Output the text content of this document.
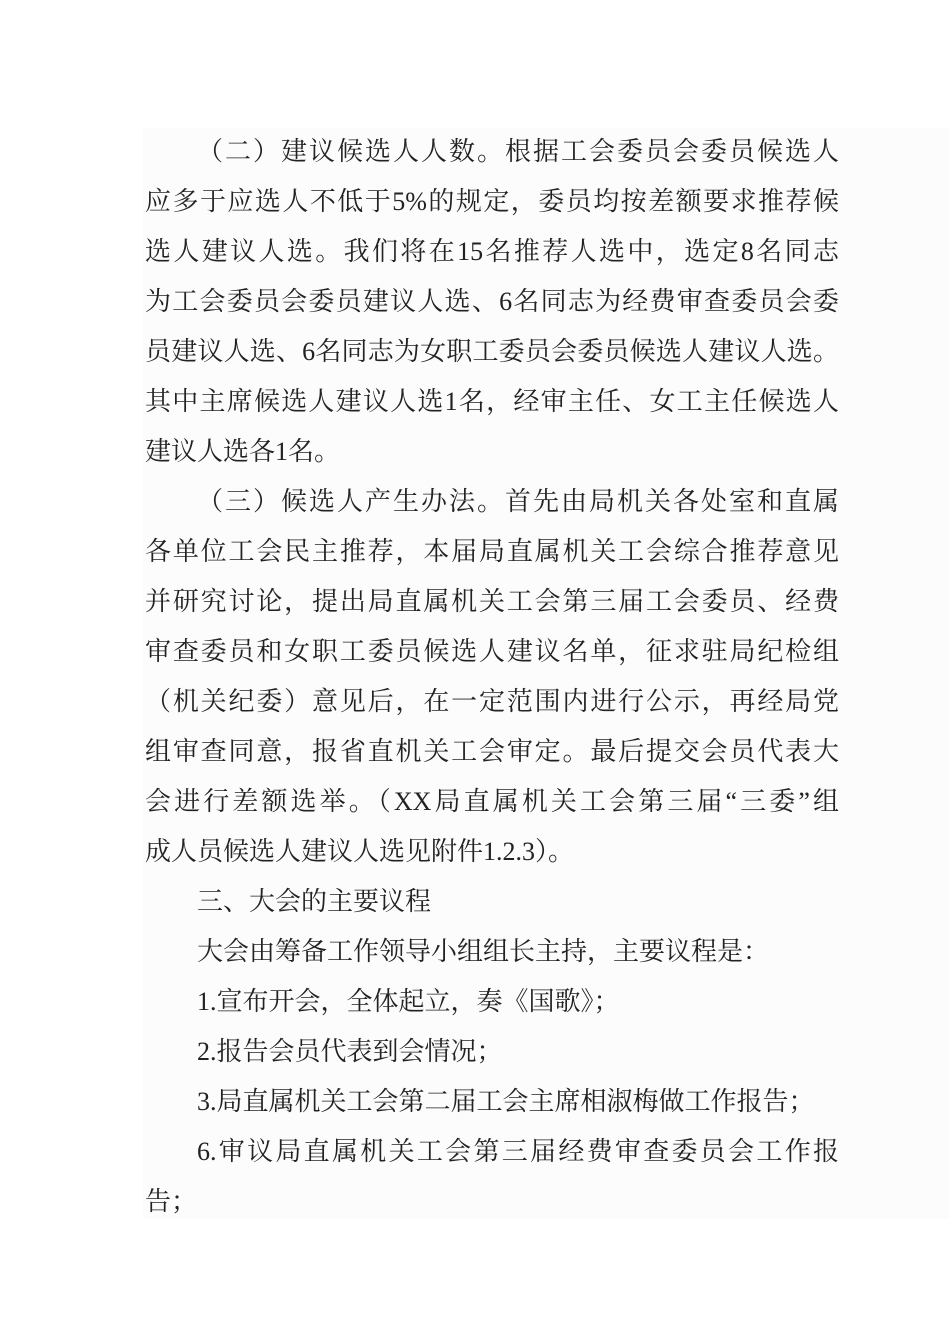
（二）建议候选人人数。根据工会委员会委员候选人
应多于应选人不低于5%的规定，委员均按差额要求推荐候
选人建议人选。我们将在15名推荐人选中，选定8名同志
为工会委员会委员建议人选、6名同志为经费审查委员会委
员建议人选、6名同志为女职工委员会委员候选人建议人选。
其中主席候选人建议人选1名，经审主任、女工主任候选人
建议人选各1名。
（三）候选人产生办法。首先由局机关各处室和直属
各单位工会民主推荐，本届局直属机关工会综合推荐意见
并研究讨论，提出局直属机关工会第三届工会委员、经费
审查委员和女职工委员候选人建议名单，征求驻局纪检组
（机关纪委）意见后，在一定范围内进行公示，再经局党
组审查同意，报省直机关工会审定。最后提交会员代表大
会进行差额选举。（XX局直属机关工会第三届“三委”组
成人员候选人建议人选见附件1.2.3）。
三、大会的主要议程
大会由筹备工作领导小组组长主持，主要议程是：
1.宣布开会，全体起立，奏《国歌》；
2.报告会员代表到会情况；
3.局直属机关工会第二届工会主席相淑梅做工作报告；
6.审议局直属机关工会第三届经费审查委员会工作报
告；
